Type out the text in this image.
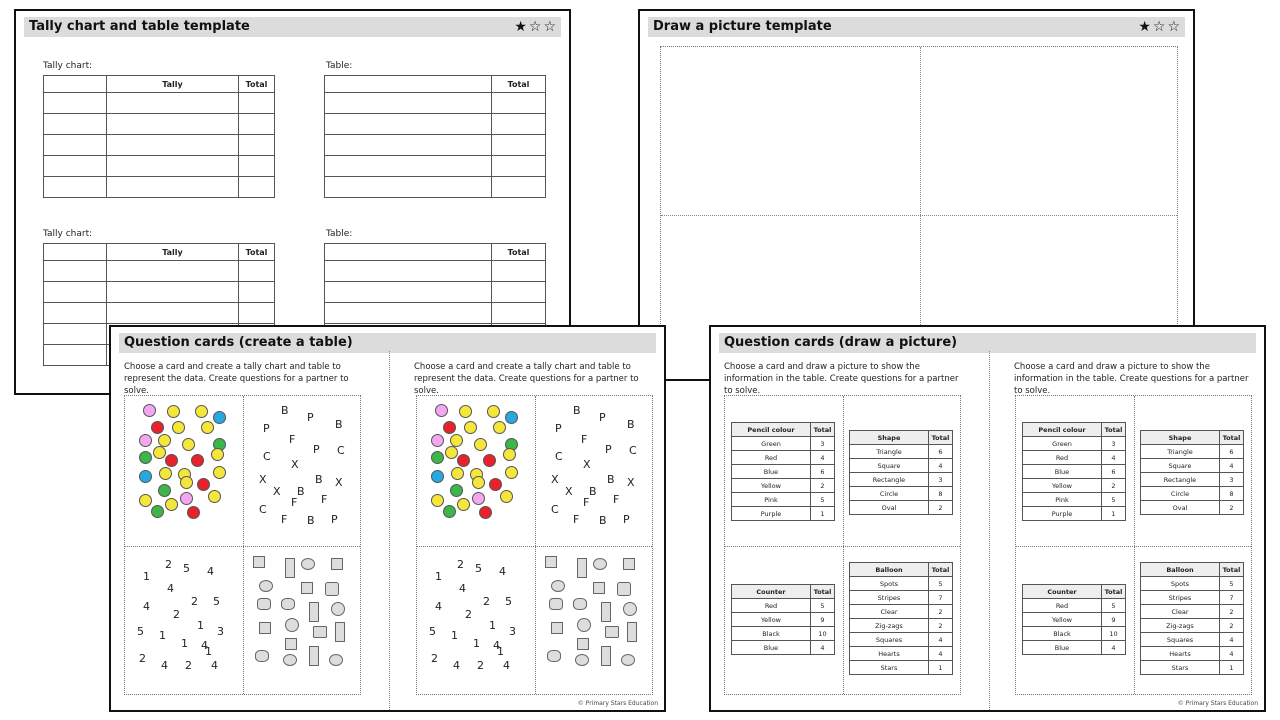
Tally chart and table template	★☆☆
Tally chart:	Table:
	Tally	Total

		Total

Tally chart:	Table:
	Tally	Total

		Total

Draw a picture template	★☆☆
Question cards (create a table)
Choose a card and create a tally chart and table to represent the data. Create questions for a partner to solve.
Choose a card and create a tally chart and table to represent the data. Create questions for a partner to solve.
B
P
B
P
F
P C
C
X
X	X
B
X B
F
C
F B P
F
2 5 4
1
4
4	2 5
2
1
5 1	3
1 4
1
2
4 2 4
B
P
B
P
F
P C
C
X
X	X
B
X B
F
C
F B P
F
2 5 4
1
4
4	2 5
2
1
5 1	3
1 4
1
2
4 2 4
© Primary Stars Education
Question cards (draw a picture)
Choose a card and draw a picture to show the information in the table. Create questions for a partner to solve.
Choose a card and draw a picture to show the information in the table. Create questions for a partner to solve.
Pencil colour	Total
Green	3
Red	4
Blue	6
Yellow	2
Pink	5
Purple	1
Shape	Total
Triangle	6
Square	4
Rectangle	3
Circle	8
Oval	2
Counter	Total
Red	5
Yellow	9
Black	10
Blue	4
Balloon	Total
Spots	5
Stripes	7
Clear	2
Zig-zags	2
Squares	4
Hearts	4
Stars	1
Pencil colour	Total
Green	3
Red	4
Blue	6
Yellow	2
Pink	5
Purple	1
Shape	Total
Triangle	6
Square	4
Rectangle	3
Circle	8
Oval	2
Counter	Total
Red	5
Yellow	9
Black	10
Blue	4
Balloon	Total
Spots	5
Stripes	7
Clear	2
Zig-zags	2
Squares	4
Hearts	4
Stars	1
© Primary Stars Education
